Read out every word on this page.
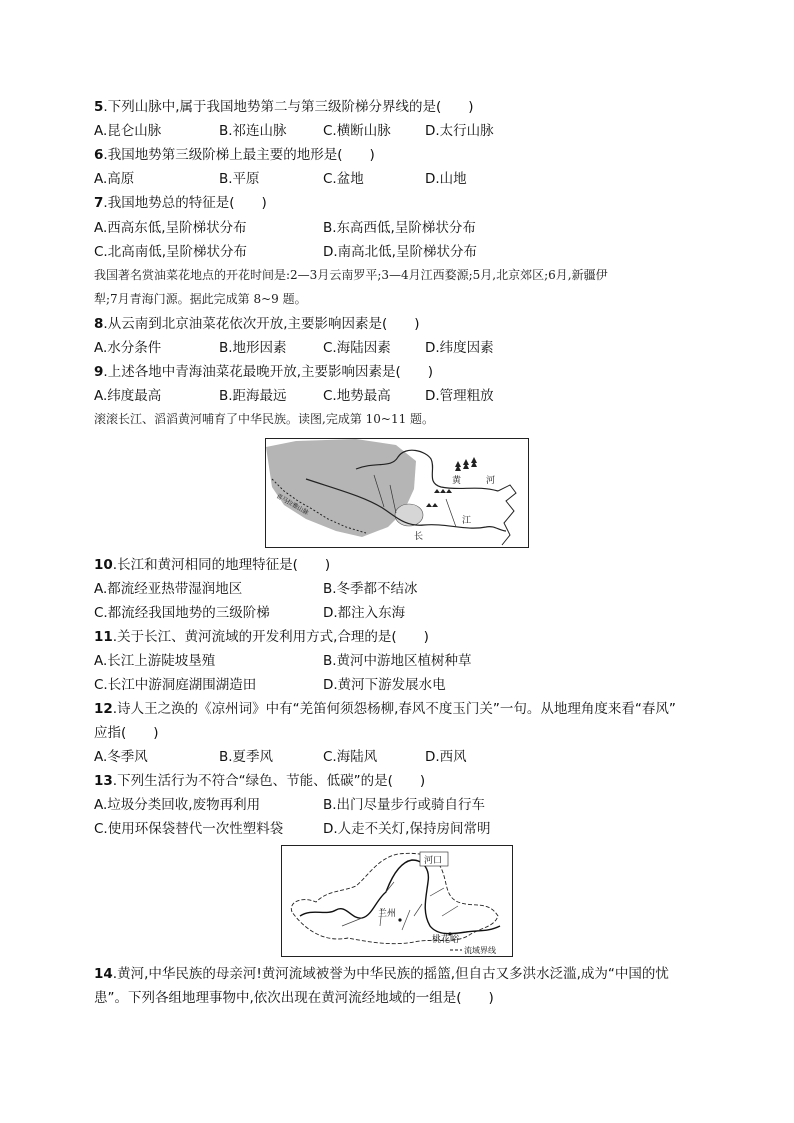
5.下列山脉中,属于我国地势第二与第三级阶梯分界线的是(　　)
A.昆仑山脉	B.祁连山脉	C.横断山脉	D.太行山脉
6.我国地势第三级阶梯上最主要的地形是(　　)
A.高原	B.平原	C.盆地	D.山地
7.我国地势总的特征是(　　)
A.西高东低,呈阶梯状分布	B.东高西低,呈阶梯状分布
C.北高南低,呈阶梯状分布	D.南高北低,呈阶梯状分布
我国著名赏油菜花地点的开花时间是:2—3月云南罗平;3—4月江西婺源;5月,北京郊区;6月,新疆伊
犁;7月青海门源。据此完成第 8~9 题。
8.从云南到北京油菜花依次开放,主要影响因素是(　　)
A.水分条件	B.地形因素	C.海陆因素	D.纬度因素
9.上述各地中青海油菜花最晚开放,主要影响因素是(　　)
A.纬度最高	B.距海最远	C.地势最高	D.管理粗放
滚滚长江、滔滔黄河哺育了中华民族。读图,完成第 10~11 题。
黄	河
长
江
喜马拉雅山脉
10.长江和黄河相同的地理特征是(　　)
A.都流经亚热带湿润地区	B.冬季都不结冰
C.都流经我国地势的三级阶梯	D.都注入东海
11.关于长江、黄河流域的开发利用方式,合理的是(　　)
A.长江上游陡坡垦殖	B.黄河中游地区植树种草
C.长江中游洞庭湖围湖造田	D.黄河下游发展水电
12.诗人王之涣的《凉州词》中有“羌笛何须怨杨柳,春风不度玉门关”一句。从地理角度来看“春风”
应指(　　)
A.冬季风	B.夏季风	C.海陆风	D.西风
13.下列生活行为不符合“绿色、节能、低碳”的是(　　)
A.垃圾分类回收,废物再利用	B.出门尽量步行或骑自行车
C.使用环保袋替代一次性塑料袋	D.人走不关灯,保持房间常明
河口
兰州
桃花峪
流域界线
14.黄河,中华民族的母亲河!黄河流域被誉为中华民族的摇篮,但自古又多洪水泛滥,成为“中国的忧
患”。下列各组地理事物中,依次出现在黄河流经地域的一组是(　　)
